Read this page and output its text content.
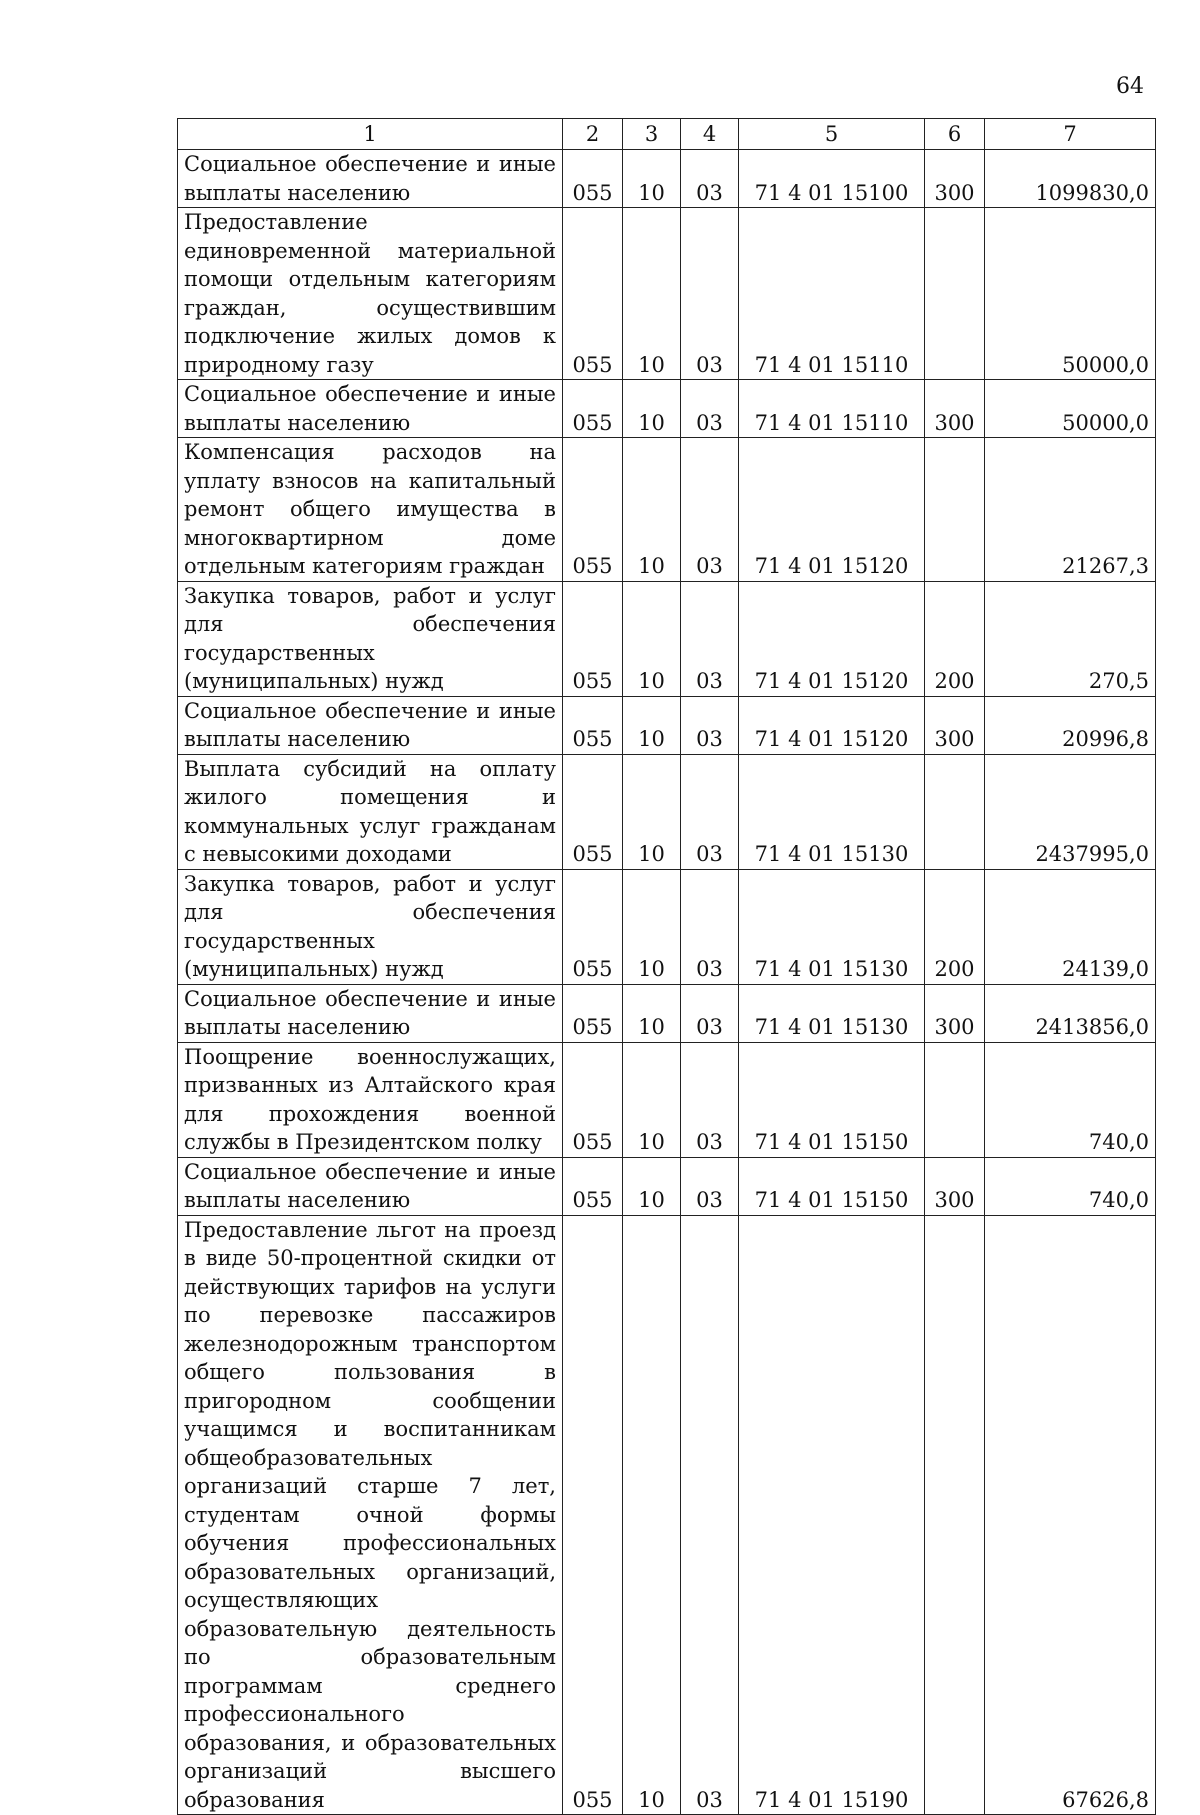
64
1	2	3	4	5	6	7
Социальное обеспечение и иные выплаты населению	055	10	03	71 4 01 15100	300	1099830,0
Предоставление единовременной материальной помощи отдельным категориям граждан, осуществившим подключение жилых домов к природному газу	055	10	03	71 4 01 15110		50000,0
Социальное обеспечение и иные выплаты населению	055	10	03	71 4 01 15110	300	50000,0
Компенсация расходов на уплату взносов на капитальный ремонт общего имущества в многоквартирном доме отдельным категориям граждан	055	10	03	71 4 01 15120		21267,3
Закупка товаров, работ и услуг для обеспечения государственных (муниципальных) нужд	055	10	03	71 4 01 15120	200	270,5
Социальное обеспечение и иные выплаты населению	055	10	03	71 4 01 15120	300	20996,8
Выплата субсидий на оплату жилого помещения и коммунальных услуг гражданам с невысокими доходами	055	10	03	71 4 01 15130		2437995,0
Закупка товаров, работ и услуг для обеспечения государственных (муниципальных) нужд	055	10	03	71 4 01 15130	200	24139,0
Социальное обеспечение и иные выплаты населению	055	10	03	71 4 01 15130	300	2413856,0
Поощрение военнослужащих, призванных из Алтайского края для прохождения военной службы в Президентском полку	055	10	03	71 4 01 15150		740,0
Социальное обеспечение и иные выплаты населению	055	10	03	71 4 01 15150	300	740,0
Предоставление льгот на проезд в виде 50-процентной скидки от действующих тарифов на услуги по перевозке пассажиров железнодорожным транспортом общего пользования в пригородном сообщении учащимся и воспитанникам общеобразовательных организаций старше 7 лет, студентам очной формы обучения профессиональных образовательных организаций, осуществляющих образовательную деятельность по образовательным программам среднего профессионального образования, и образовательных организаций высшего образования	055	10	03	71 4 01 15190		67626,8
